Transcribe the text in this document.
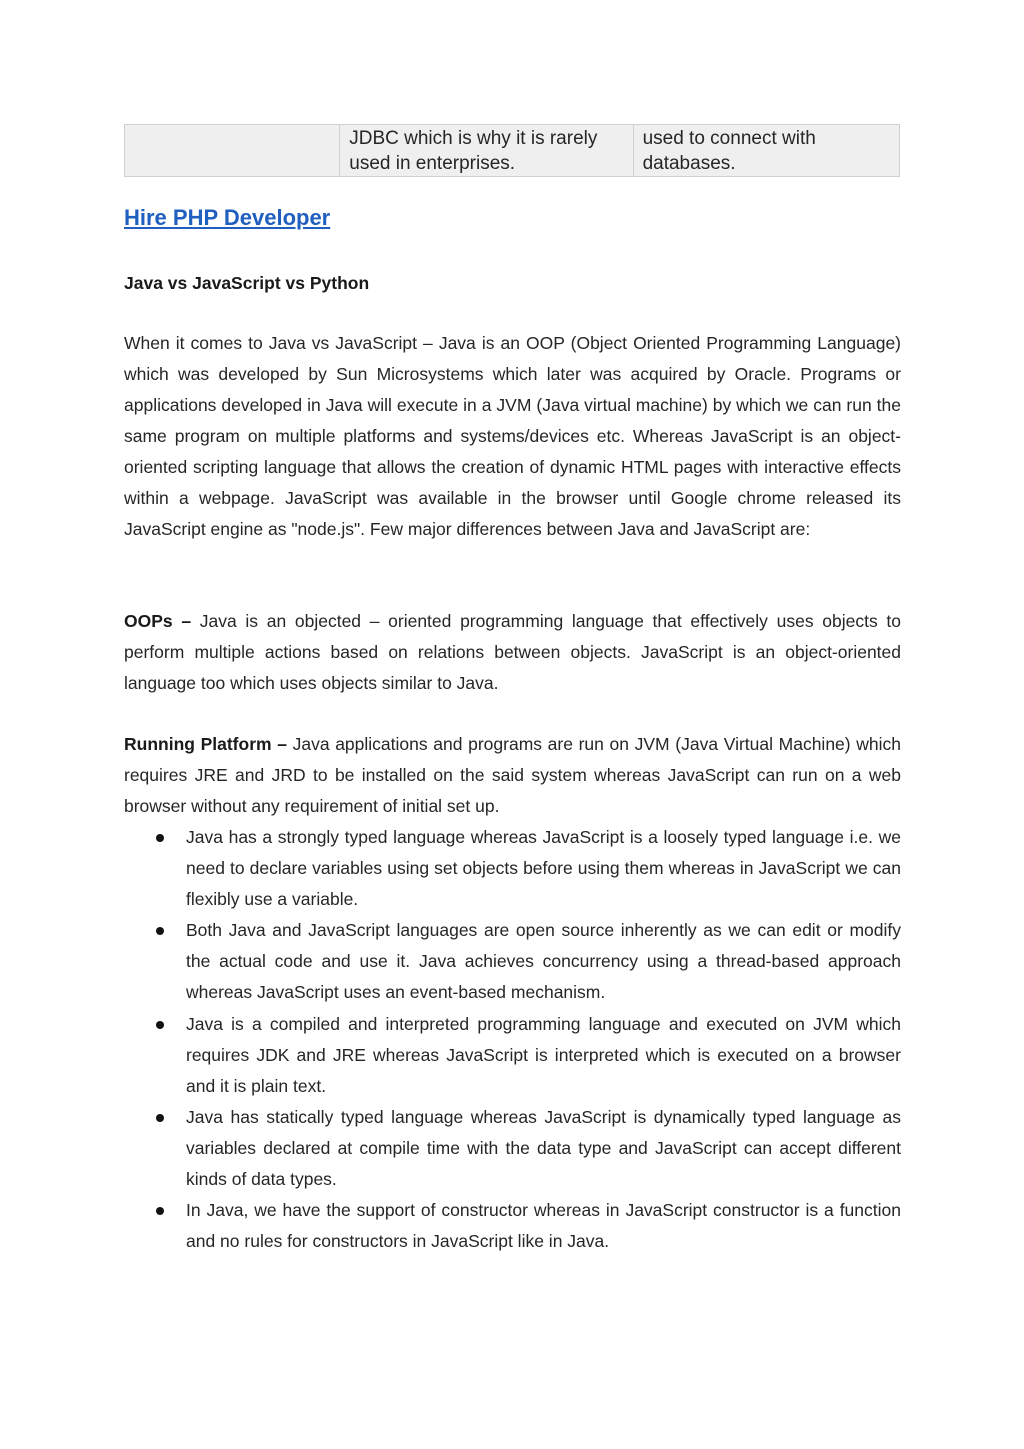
	JDBC which is why it is rarely used in enterprises.	used to connect with databases.
Hire PHP Developer
Java vs JavaScript vs Python

When it comes to Java vs JavaScript – Java is an OOP (Object Oriented Programming Language) which was developed by Sun Microsystems which later was acquired by Oracle. Programs or applications developed in Java will execute in a JVM (Java virtual machine) by which we can run the same program on multiple platforms and systems/devices etc. Whereas JavaScript is an object-oriented scripting language that allows the creation of dynamic HTML pages with interactive effects within a webpage. JavaScript was available in the browser until Google chrome released its JavaScript engine as "node.js". Few major differences between Java and JavaScript are:

OOPs – Java is an objected – oriented programming language that effectively uses objects to perform multiple actions based on relations between objects. JavaScript is an object-oriented language too which uses objects similar to Java.

Running Platform – Java applications and programs are run on JVM (Java Virtual Machine) which requires JRE and JRD to be installed on the said system whereas JavaScript can run on a web browser without any requirement of initial set up.

Java has a strongly typed language whereas JavaScript is a loosely typed language i.e. we need to declare variables using set objects before using them whereas in JavaScript we can flexibly use a variable.
Both Java and JavaScript languages are open source inherently as we can edit or modify the actual code and use it. Java achieves concurrency using a thread-based approach whereas JavaScript uses an event-based mechanism.
Java is a compiled and interpreted programming language and executed on JVM which requires JDK and JRE whereas JavaScript is interpreted which is executed on a browser and it is plain text.
Java has statically typed language whereas JavaScript is dynamically typed language as variables declared at compile time with the data type and JavaScript can accept different kinds of data types.
In Java, we have the support of constructor whereas in JavaScript constructor is a function and no rules for constructors in JavaScript like in Java.
